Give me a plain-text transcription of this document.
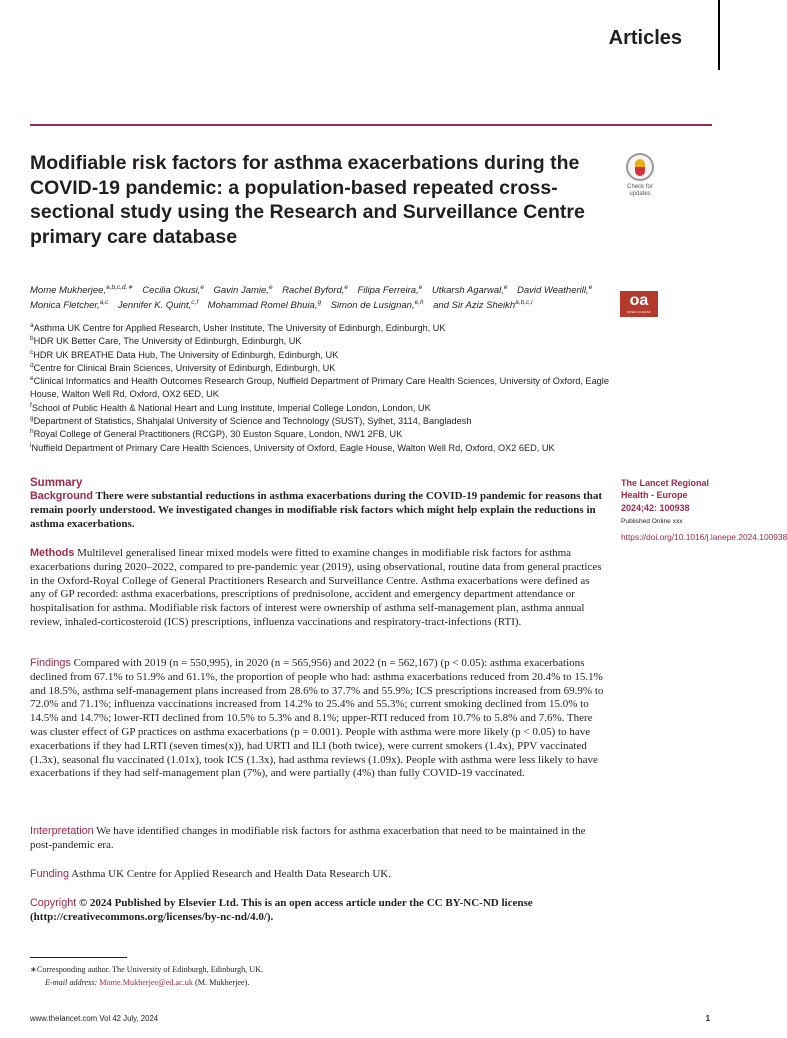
Articles
Modifiable risk factors for asthma exacerbations during the COVID-19 pandemic: a population-based repeated cross-sectional study using the Research and Surveillance Centre primary care database
Check for
updates

Mome Mukherjee,$^{a,b,c,d,∗}$  Cecilia Okusi,$^e$  Gavin Jamie,$^e$  Rachel Byford,$^e$  Filipa Ferreira,$^e$  Utkarsh Agarwal,$^e$  David Weatherill,$^e$ Monica Fletcher,$^{a,c}$  Jennifer K. Quint,$^{c,f}$  Mohammad Romel Bhuia,$^g$  Simon de Lusignan,$^{e,h}$  and Sir Aziz Sheikh$^{a,b,c,i}$ 	oa
OPEN ACCESS
$^a$Asthma UK Centre for Applied Research, Usher Institute, The University of Edinburgh, Edinburgh, UK
$^b$HDR UK Better Care, The University of Edinburgh, Edinburgh, UK
$^c$HDR UK BREATHE Data Hub, The University of Edinburgh, Edinburgh, UK
$^d$Centre for Clinical Brain Sciences, University of Edinburgh, Edinburgh, UK
$^e$Clinical Informatics and Health Outcomes Research Group, Nuffield Department of Primary Care Health Sciences, University of Oxford, Eagle House, Walton Well Rd, Oxford, OX2 6ED, UK
$^f$School of Public Health & National Heart and Lung Institute, Imperial College London, London, UK
$^g$Department of Statistics, Shahjalal University of Science and Technology (SUST), Sylhet, 3114, Bangladesh
$^h$Royal College of General Practitioners (RCGP), 30 Euston Square, London, NW1 2FB, UK
$^i$Nuffield Department of Primary Care Health Sciences, University of Oxford, Eagle House, Walton Well Rd, Oxford, OX2 6ED, UK
Summary

Background There were substantial reductions in asthma exacerbations during the COVID-19 pandemic for reasons that remain poorly understood. We investigated changes in modifiable risk factors which might help explain the reductions in asthma exacerbations.

Methods Multilevel generalised linear mixed models were fitted to examine changes in modifiable risk factors for asthma exacerbations during 2020–2022, compared to pre-pandemic year (2019), using observational, routine data from general practices in the Oxford-Royal College of General Practitioners Research and Surveillance Centre. Asthma exacerbations were defined as any of GP recorded: asthma exacerbations, prescriptions of prednisolone, accident and emergency department attendance or hospitalisation for asthma. Modifiable risk factors of interest were ownership of asthma self-management plan, asthma annual review, inhaled-corticosteroid (ICS) prescriptions, influenza vaccinations and respiratory-tract-infections (RTI).

Findings Compared with 2019 (n = 550,995), in 2020 (n = 565,956) and 2022 (n = 562,167) (p < 0.05): asthma exacerbations declined from 67.1% to 51.9% and 61.1%, the proportion of people who had: asthma exacerbations reduced from 20.4% to 15.1% and 18.5%, asthma self-management plans increased from 28.6% to 37.7% and 55.9%; ICS prescriptions increased from 69.9% to 72.0% and 71.1%; influenza vaccinations increased from 14.2% to 25.4% and 55.3%; current smoking declined from 15.0% to 14.5% and 14.7%; lower-RTI declined from 10.5% to 5.3% and 8.1%; upper-RTI reduced from 10.7% to 5.8% and 7.6%. There was cluster effect of GP practices on asthma exacerbations (p = 0.001). People with asthma were more likely (p < 0.05) to have exacerbations if they had LRTI (seven times(x)), had URTI and ILI (both twice), were current smokers (1.4x), PPV vaccinated (1.3x), seasonal flu vaccinated (1.01x), took ICS (1.3x), had asthma reviews (1.09x). People with asthma were less likely to have exacerbations if they had self-management plan (7%), and were partially (4%) than fully COVID-19 vaccinated.

Interpretation We have identified changes in modifiable risk factors for asthma exacerbation that need to be maintained in the post-pandemic era.

Funding Asthma UK Centre for Applied Research and Health Data Research UK.

Copyright © 2024 Published by Elsevier Ltd. This is an open access article under the CC BY-NC-ND license (http://creativecommons.org/licenses/by-nc-nd/4.0/).

The Lancet Regional Health - Europe 2024;42: 100938

Published Online xxx

https://doi.org/10.1016/j.lanepe.2024.100938

∗Corresponding author. The University of Edinburgh, Edinburgh, UK.

E-mail address: Mome.Mukherjee@ed.ac.uk (M. Mukherjee).

www.thelancet.com Vol 42 July, 2024	1
